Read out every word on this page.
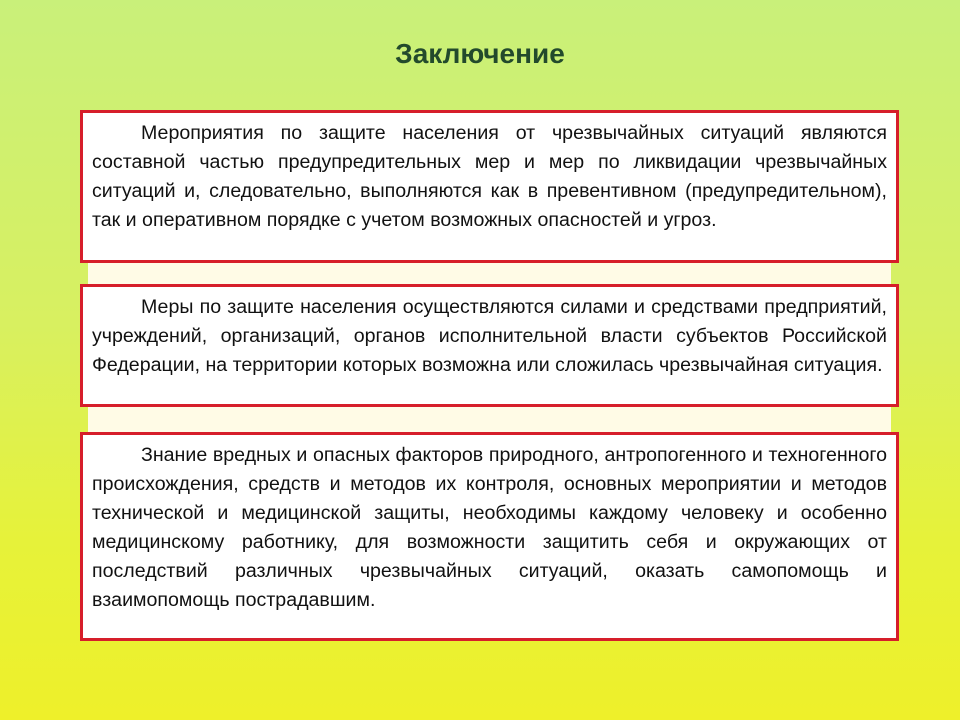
Заключение

Мероприятия по защите населения от чрезвычайных ситуаций являются составной частью предупредительных мер и мер по ликвидации чрезвычайных ситуаций и, следовательно, выполняются как в превентивном (предупредительном), так и оперативном порядке с учетом возможных опасностей и угроз.

Меры по защите населения осуществляются силами и средствами предприятий, учреждений, организаций, органов исполнительной власти субъектов Российской Федерации, на территории которых возможна или сложилась чрезвычайная ситуация.

Знание вредных и опасных факторов природного, антропогенного и техногенного происхождения, средств и методов их контроля, основных мероприятии и методов технической и медицинской защиты, необходимы каждому человеку и особенно медицинскому работнику, для возможности защитить себя и окружающих от последствий различных чрезвычайных ситуаций, оказать самопомощь и взаимопомощь пострадавшим.
